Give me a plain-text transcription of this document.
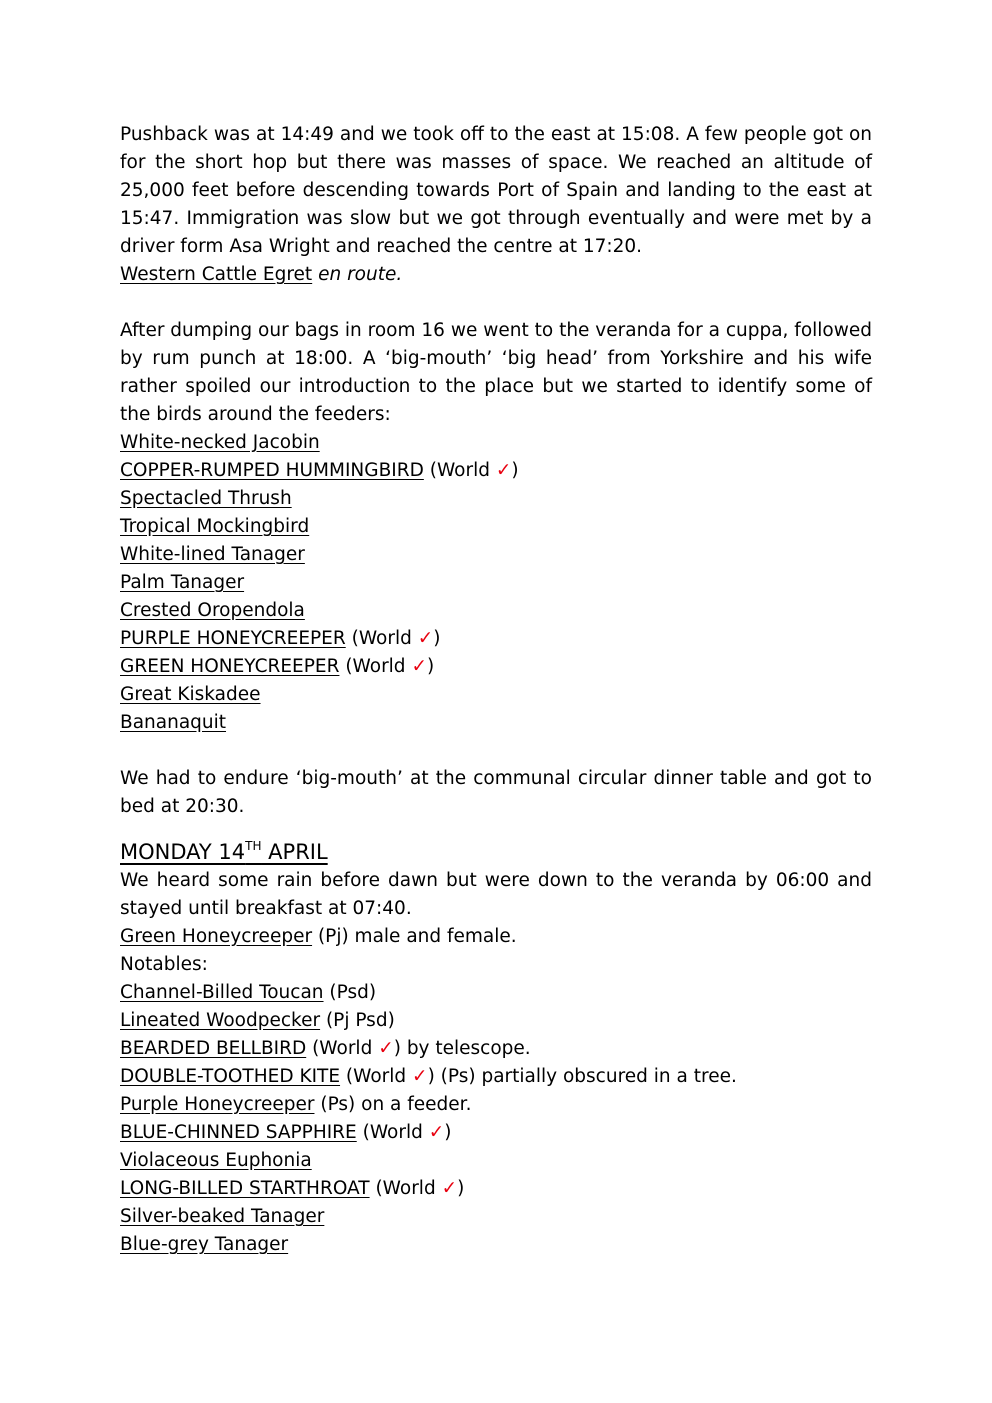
Pushback was at 14:49 and we took off to the east at 15:08. A few people got on for the short hop but there was masses of space. We reached an altitude of 25,000 feet before descending towards Port of Spain and landing to the east at 15:47. Immigration was slow but we got through eventually and were met by a driver form Asa Wright and reached the centre at 17:20.

Western Cattle Egret en route.

After dumping our bags in room 16 we went to the veranda for a cuppa, followed by rum punch at 18:00. A ‘big-mouth’ ‘big head’ from Yorkshire and his wife rather spoiled our introduction to the place but we started to identify some of the birds around the feeders:

White-necked Jacobin
COPPER-RUMPED HUMMINGBIRD (World ✓)
Spectacled Thrush
Tropical Mockingbird
White-lined Tanager
Palm Tanager
Crested Oropendola
PURPLE HONEYCREEPER (World ✓)
GREEN HONEYCREEPER (World ✓)
Great Kiskadee
Bananaquit

We had to endure ‘big-mouth’ at the communal circular dinner table and got to bed at 20:30.

MONDAY 14TH APRIL

We heard some rain before dawn but were down to the veranda by 06:00 and stayed until breakfast at 07:40.

Green Honeycreeper (Pj) male and female.
Notables:
Channel-Billed Toucan (Psd)
Lineated Woodpecker (Pj Psd)
BEARDED BELLBIRD (World ✓) by telescope.
DOUBLE-TOOTHED KITE (World ✓) (Ps) partially obscured in a tree.
Purple Honeycreeper (Ps) on a feeder.
BLUE-CHINNED SAPPHIRE (World ✓)
Violaceous Euphonia
LONG-BILLED STARTHROAT (World ✓)
Silver-beaked Tanager
Blue-grey Tanager
